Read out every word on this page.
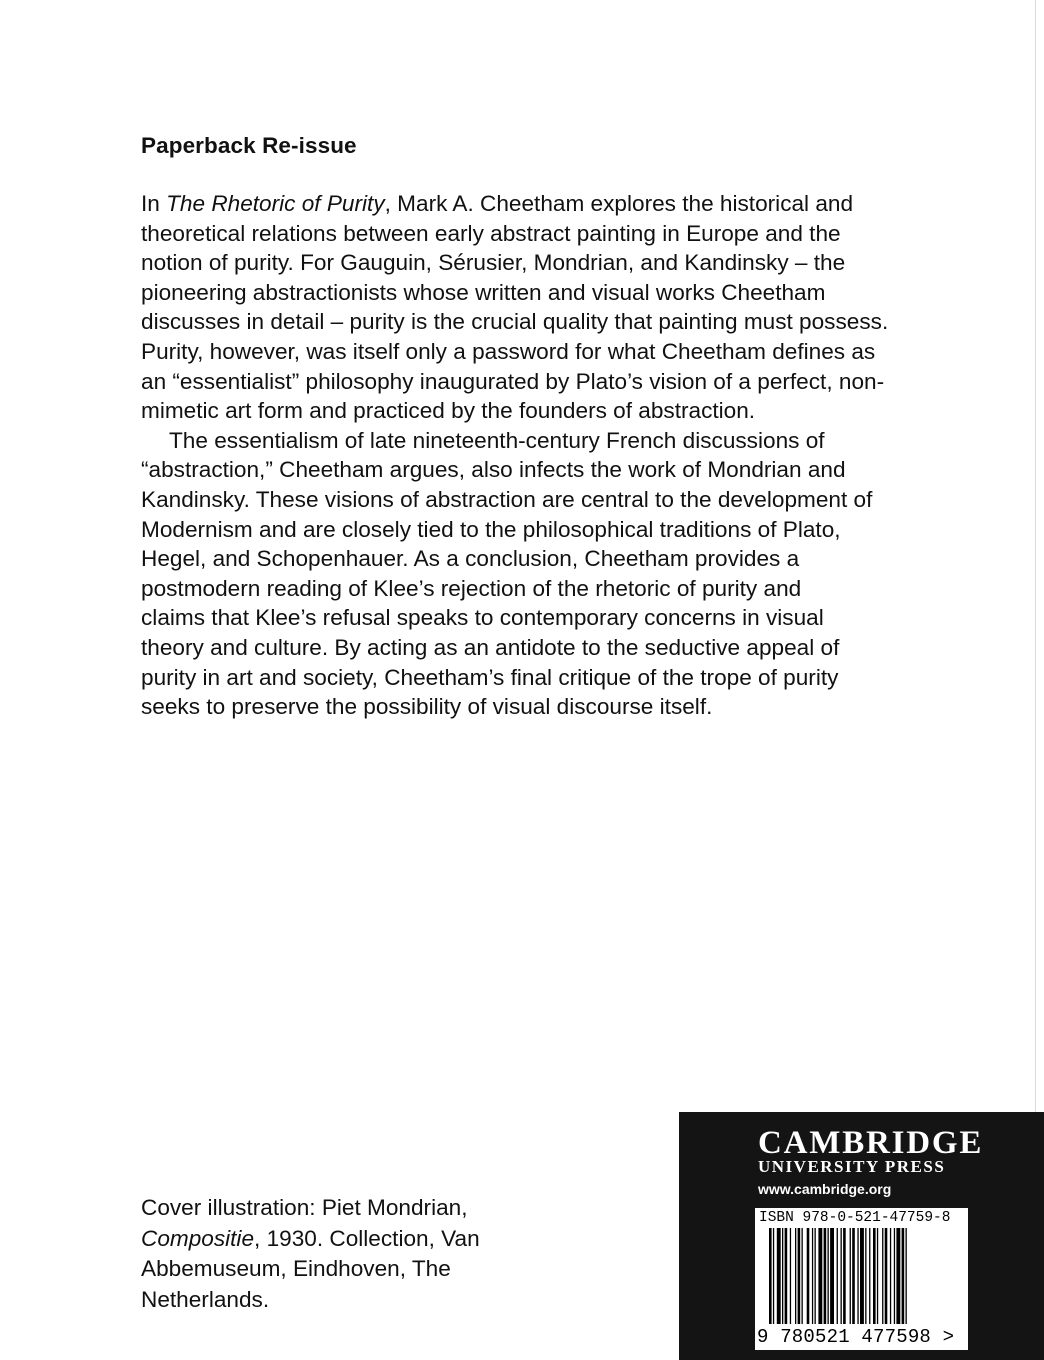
Paperback Re-issue

In The Rhetoric of Purity, Mark A. Cheetham explores the historical and
theoretical relations between early abstract painting in Europe and the
notion of purity. For Gauguin, Sérusier, Mondrian, and Kandinsky – the
pioneering abstractionists whose written and visual works Cheetham
discusses in detail – purity is the crucial quality that painting must possess.
Purity, however, was itself only a password for what Cheetham defines as
an “essentialist” philosophy inaugurated by Plato’s vision of a perfect, non-
mimetic art form and practiced by the founders of abstraction.

The essentialism of late nineteenth-century French discussions of
“abstraction,” Cheetham argues, also infects the work of Mondrian and
Kandinsky. These visions of abstraction are central to the development of
Modernism and are closely tied to the philosophical traditions of Plato,
Hegel, and Schopenhauer. As a conclusion, Cheetham provides a
postmodern reading of Klee’s rejection of the rhetoric of purity and
claims that Klee’s refusal speaks to contemporary concerns in visual
theory and culture. By acting as an antidote to the seductive appeal of
purity in art and society, Cheetham’s final critique of the trope of purity
seeks to preserve the possibility of visual discourse itself.

Cover illustration: Piet Mondrian,
Compositie, 1930. Collection, Van
Abbemuseum, Eindhoven, The
Netherlands.
CAMBRIDGE
UNIVERSITY PRESS
www.cambridge.org
ISBN 978-0-521-47759-8
9 780521 477598 >
